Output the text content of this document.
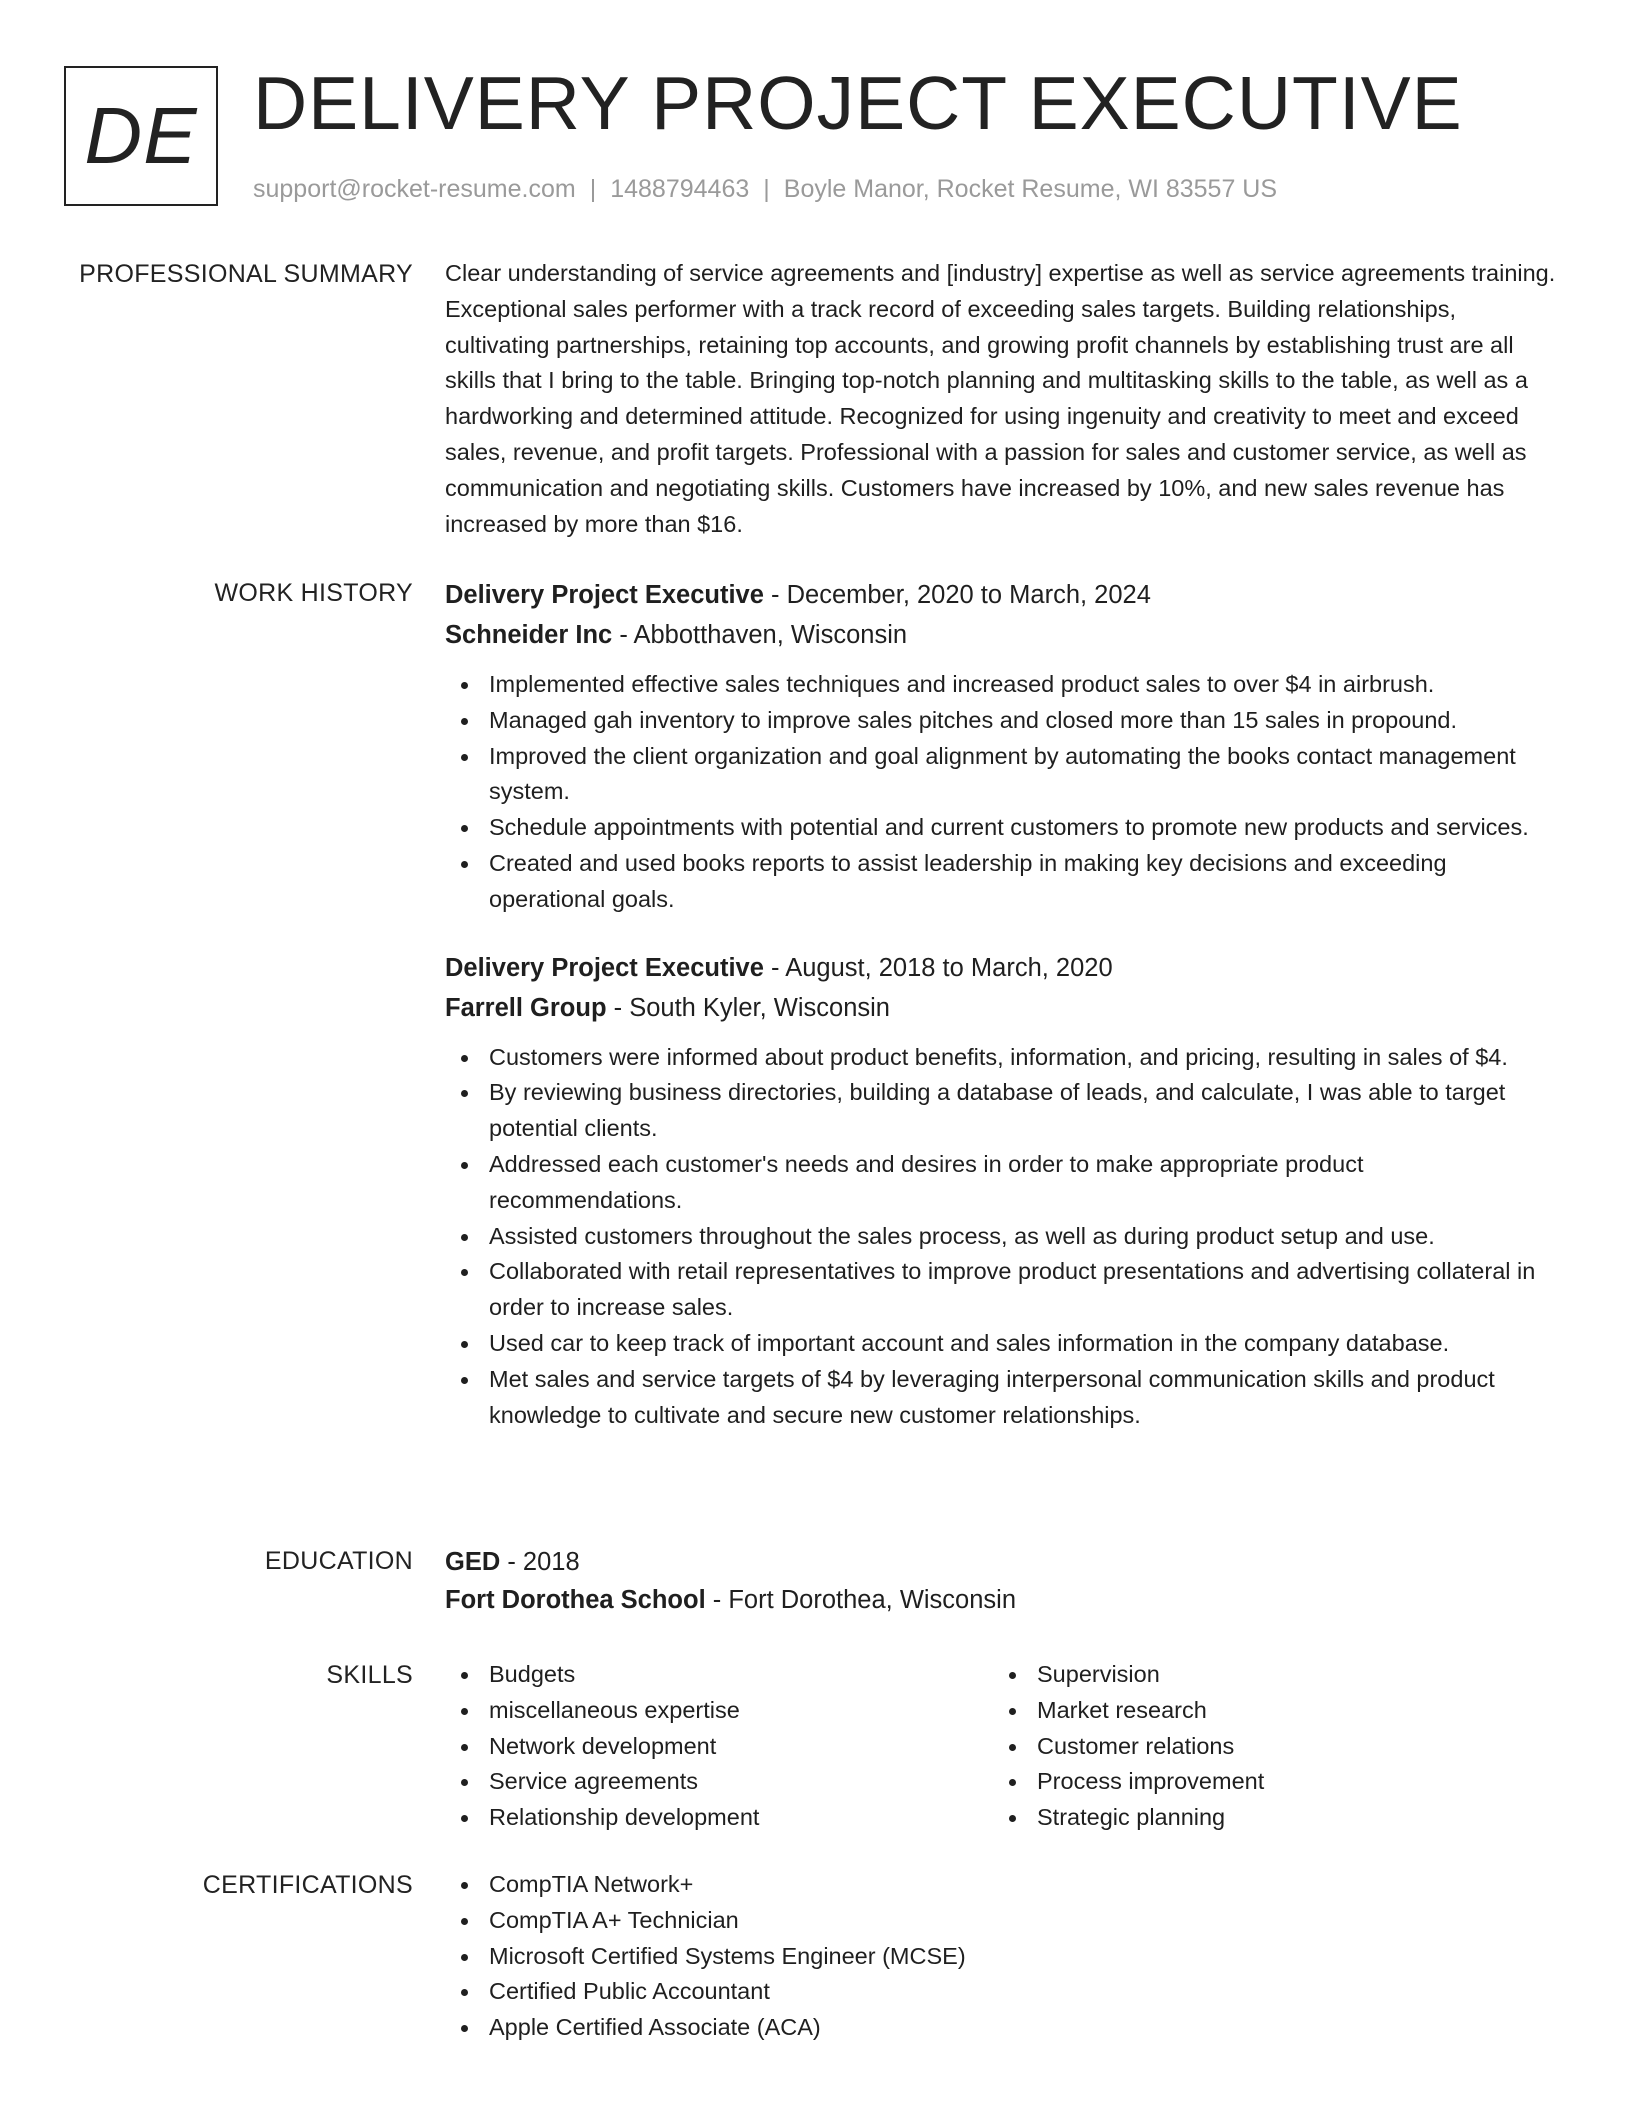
DE DELIVERY PROJECT EXECUTIVE
support@rocket-resume.com | 1488794463 | Boyle Manor, Rocket Resume, WI 83557 US
PROFESSIONAL SUMMARY Clear understanding of service agreements and [industry] expertise as well as service agreements training. Exceptional sales performer with a track record of exceeding sales targets. Building relationships, cultivating partnerships, retaining top accounts, and growing profit channels by establishing trust are all skills that I bring to the table. Bringing top-notch planning and multitasking skills to the table, as well as a hardworking and determined attitude. Recognized for using ingenuity and creativity to meet and exceed sales, revenue, and profit targets. Professional with a passion for sales and customer service, as well as communication and negotiating skills. Customers have increased by 10%, and new sales revenue has increased by more than $16.

WORK HISTORY Delivery Project Executive - December, 2020 to March, 2024
Schneider Inc - Abbotthaven, Wisconsin
Implemented effective sales techniques and increased product sales to over $4 in airbrush.
Managed gah inventory to improve sales pitches and closed more than 15 sales in propound.
Improved the client organization and goal alignment by automating the books contact management system.
Schedule appointments with potential and current customers to promote new products and services.
Created and used books reports to assist leadership in making key decisions and exceeding operational goals.
Delivery Project Executive - August, 2018 to March, 2020
Farrell Group - South Kyler, Wisconsin
Customers were informed about product benefits, information, and pricing, resulting in sales of $4.
By reviewing business directories, building a database of leads, and calculate, I was able to target potential clients.
Addressed each customer's needs and desires in order to make appropriate product recommendations.
Assisted customers throughout the sales process, as well as during product setup and use.
Collaborated with retail representatives to improve product presentations and advertising collateral in order to increase sales.
Used car to keep track of important account and sales information in the company database.
Met sales and service targets of $4 by leveraging interpersonal communication skills and product knowledge to cultivate and secure new customer relationships.
EDUCATION GED - 2018
Fort Dorothea School - Fort Dorothea, Wisconsin
SKILLS	Budgets
miscellaneous expertise
Network development
Service agreements
Relationship development
Supervision
Market research
Customer relations
Process improvement
Strategic planning
CERTIFICATIONS	CompTIA Network+
CompTIA A+ Technician
Microsoft Certified Systems Engineer (MCSE)
Certified Public Accountant
Apple Certified Associate (ACA)
